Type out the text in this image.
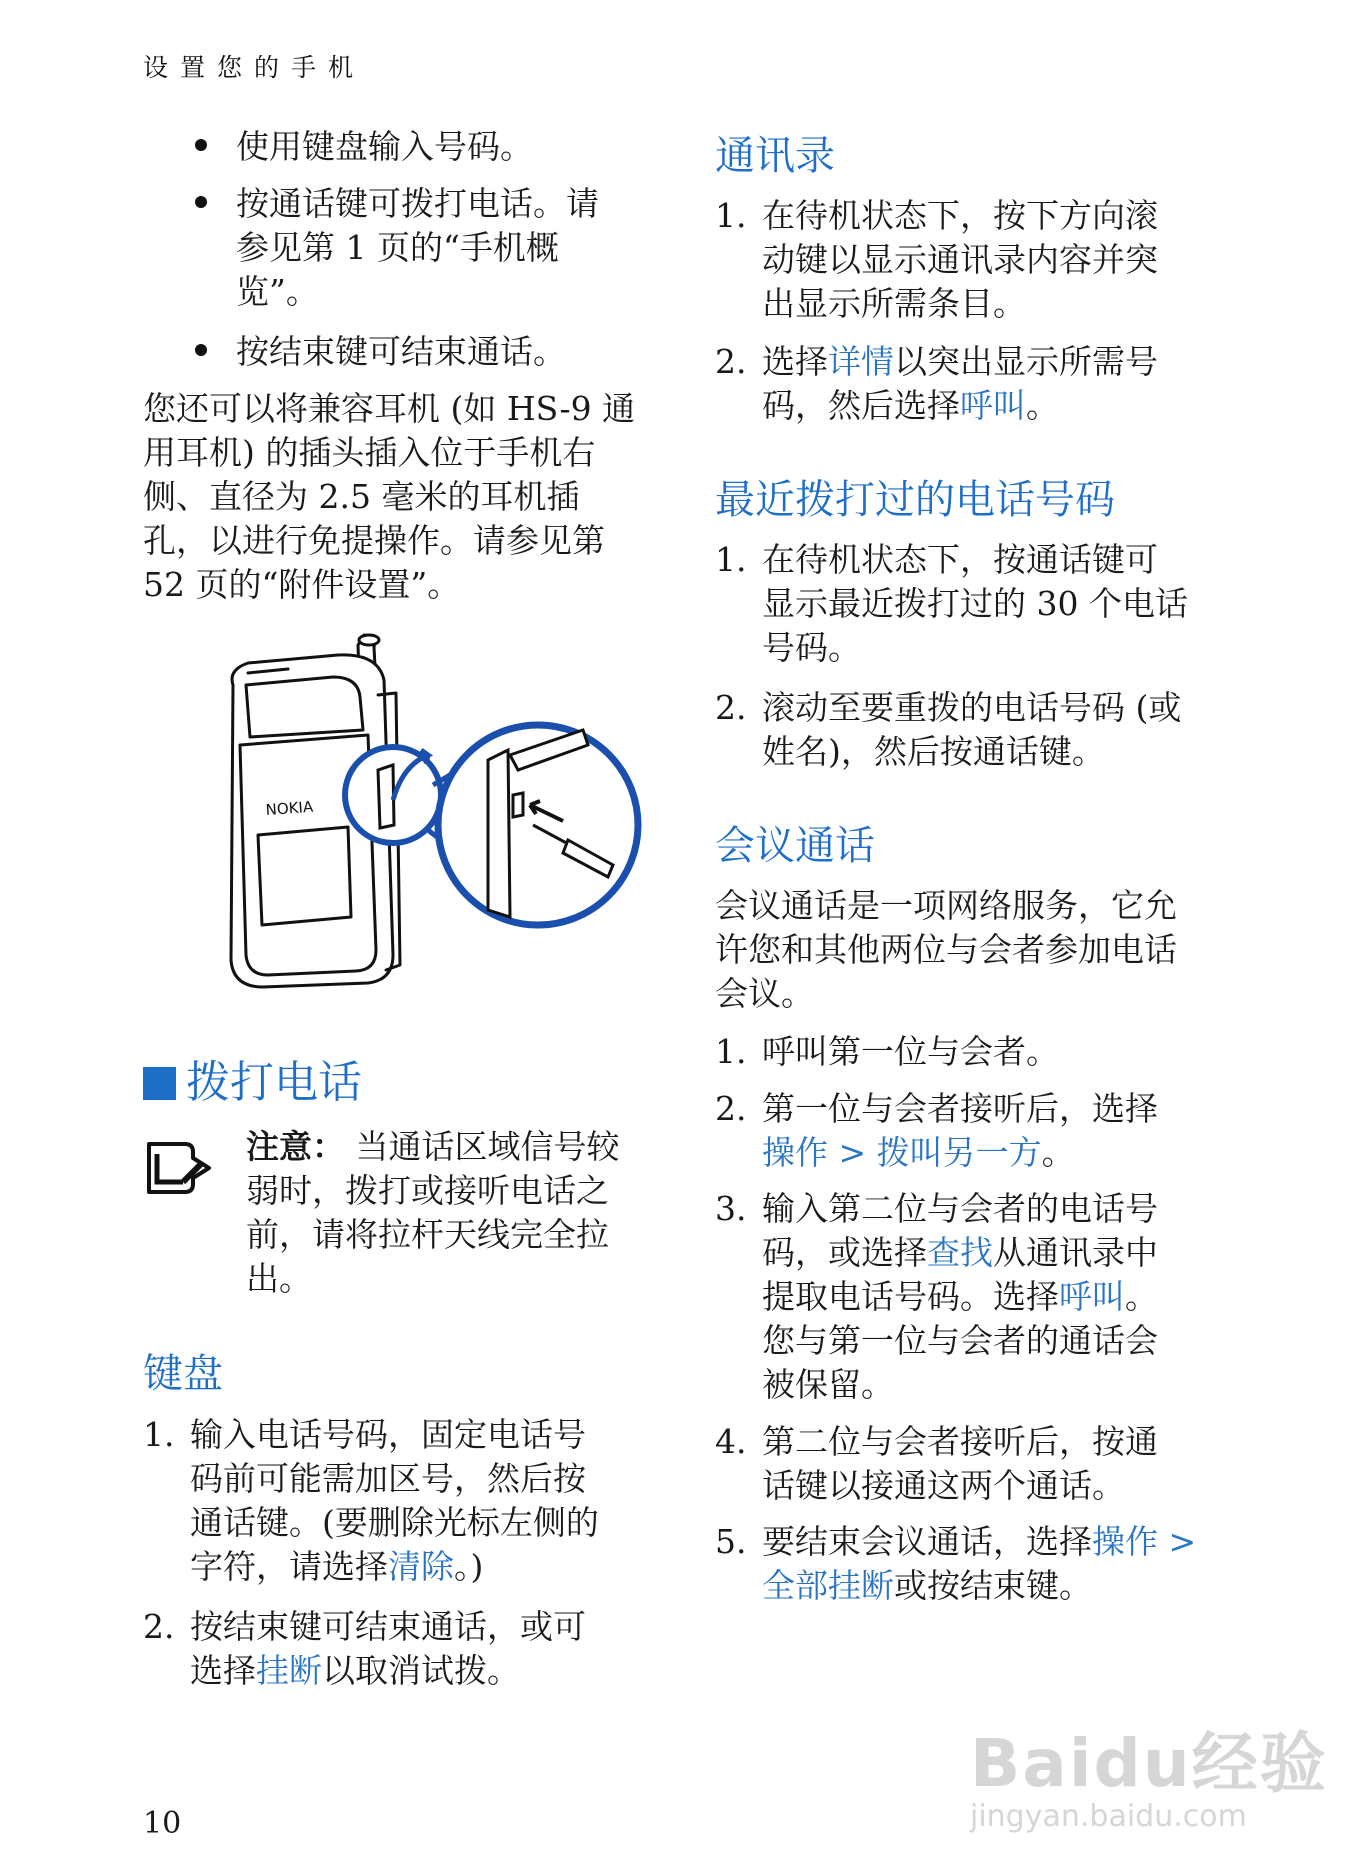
设置您的手机
使用键盘输入号码。
按通话键可拨打电话。请
参见第 1 页的“手机概
览”。
按结束键可结束通话。
您还可以将兼容耳机 (如 HS-9 通
用耳机) 的插头插入位于手机右
侧、直径为 2.5 毫米的耳机插
孔，以进行免提操作。请参见第
52 页的“附件设置”。
NOKIA
拨打电话
注意： 当通话区域信号较
弱时，拨打或接听电话之
前，请将拉杆天线完全拉
出。
键盘
1. 输入电话号码，固定电话号
码前可能需加区号，然后按
通话键。(要删除光标左侧的
字符，请选择清除。)
2. 按结束键可结束通话，或可
选择挂断以取消试拨。
通讯录
1. 在待机状态下，按下方向滚
动键以显示通讯录内容并突
出显示所需条目。
2. 选择详情以突出显示所需号
码，然后选择呼叫。
最近拨打过的电话号码
1. 在待机状态下，按通话键可
显示最近拨打过的 30 个电话
号码。
2. 滚动至要重拨的电话号码 (或
姓名)，然后按通话键。
会议通话
会议通话是一项网络服务，它允
许您和其他两位与会者参加电话
会议。
1. 呼叫第一位与会者。
2. 第一位与会者接听后，选择
操作 > 拨叫另一方。
3. 输入第二位与会者的电话号
码，或选择查找从通讯录中
提取电话号码。选择呼叫。
您与第一位与会者的通话会
被保留。
4. 第二位与会者接听后，按通
话键以接通这两个通话。
5. 要结束会议通话，选择操作 >
全部挂断或按结束键。
10
Baidu经验
jingyan.baidu.com
